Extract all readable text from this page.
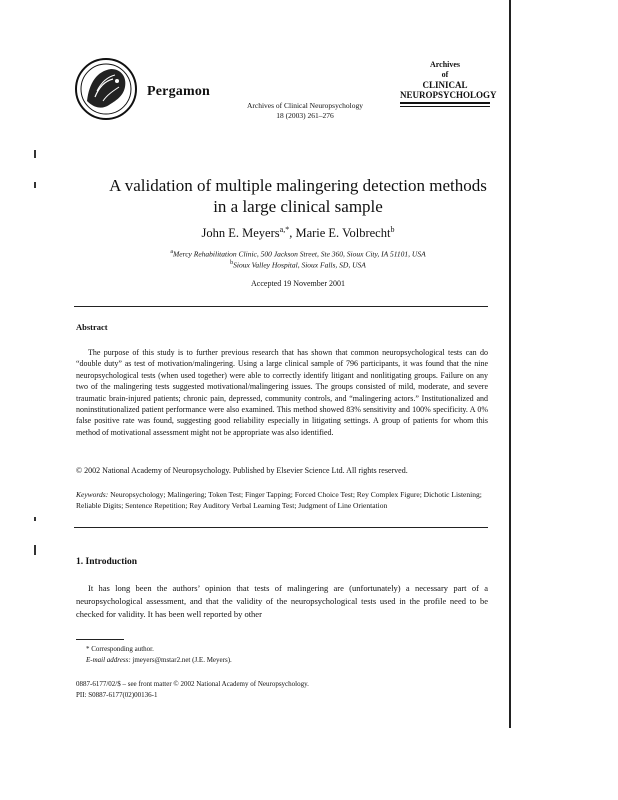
Pergamon
Archives of Clinical Neuropsychology
18 (2003) 261–276
Archives
of
CLINICAL
NEUROPSYCHOLOGY
A validation of multiple malingering detection methods
in a large clinical sample
John E. Meyers$^{a,*}$, Marie E. Volbrecht$^b$
$^a$Mercy Rehabilitation Clinic, 500 Jackson Street, Ste 360, Sioux City, IA 51101, USA
$^b$Sioux Valley Hospital, Sioux Falls, SD, USA
Accepted 19 November 2001
Abstract

The purpose of this study is to further previous research that has shown that common neuropsychological tests can do “double duty” as test of motivation/malingering. Using a large clinical sample of 796 participants, it was found that the nine neuropsychological tests (when used together) were able to correctly identify litigant and nonlitigating groups. Failure on any two of the malingering tests suggested motivational/malingering issues. The groups consisted of mild, moderate, and severe traumatic brain-injured patients; chronic pain, depressed, community controls, and “malingering actors.” Institutionalized and noninstitutionalized patient performance were also examined. This method showed 83% sensitivity and 100% specificity. A 0% false positive rate was found, suggesting good reliability especially in litigating settings. A group of patients for whom this method of motivational assessment might not be appropriate was also identified.

© 2002 National Academy of Neuropsychology. Published by Elsevier Science Ltd. All rights reserved.
Keywords: Neuropsychology; Malingering; Token Test; Finger Tapping; Forced Choice Test; Rey Complex Figure; Dichotic Listening; Reliable Digits; Sentence Repetition; Rey Auditory Verbal Learning Test; Judgment of Line Orientation
1. Introduction

It has long been the authors’ opinion that tests of malingering are (unfortunately) a necessary part of a neuropsychological assessment, and that the validity of the neuropsychological tests used in the profile need to be checked for validity. It has been well reported by other

* Corresponding author.
E-mail address: jmeyers@mstar2.net (J.E. Meyers).
0887-6177/02/$ – see front matter © 2002 National Academy of Neuropsychology.
PII: S0887-6177(02)00136-1
